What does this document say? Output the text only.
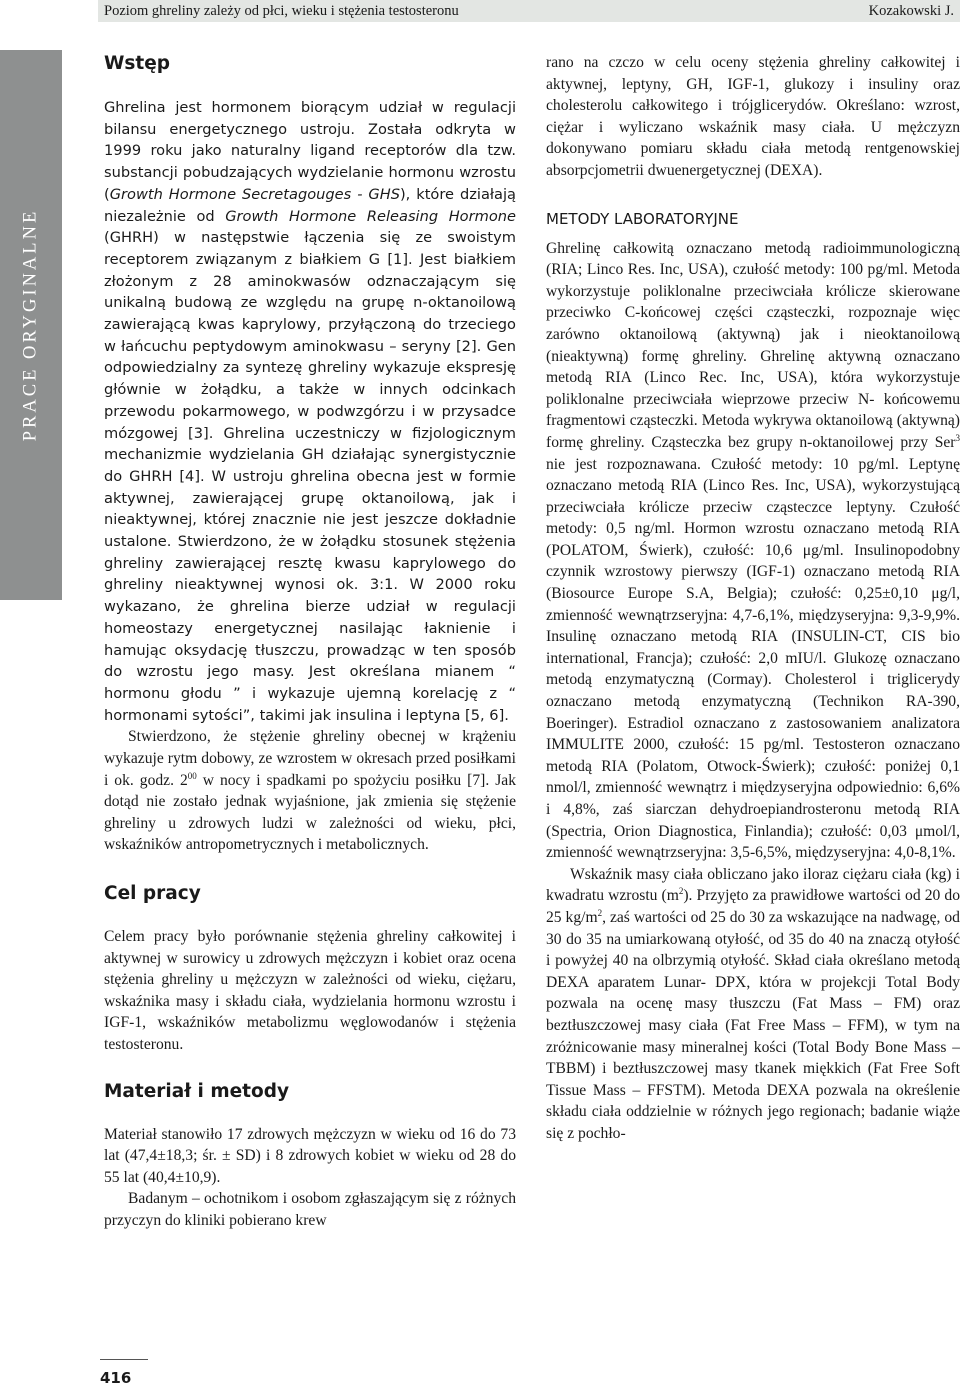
Poziom ghreliny zależy od płci, wieku i stężenia testosteronu	Kozakowski J.
PRACE ORYGINALNE
Wstęp

Ghrelina jest hormonem biorącym udział w regulacji bilansu energetycznego ustroju. Została odkryta w 1999 roku jako naturalny ligand receptorów dla tzw. substancji pobudzających wydzielanie hormonu wzrostu (Growth Hormone Secretagouges - GHS), które działają niezależnie od Growth Hormone Releasing Hormone (GHRH) w następstwie łączenia się ze swoistym receptorem związanym z białkiem G [1]. Jest białkiem złożonym z 28 aminokwasów odznaczającym się unikalną budową ze względu na grupę n-oktanoilową zawierającą kwas kaprylowy, przyłączoną do trzeciego w łańcuchu peptydowym aminokwasu – seryny [2]. Gen odpowiedzialny za syntezę ghreliny wykazuje ekspresję głównie w żołądku, a także w innych odcinkach przewodu pokarmowego, w podwzgórzu i w przysadce mózgowej [3]. Ghrelina uczestniczy w fizjologicznym mechanizmie wydzielania GH działając synergistycznie do GHRH [4]. W ustroju ghrelina obecna jest w formie aktywnej, zawierającej grupę oktanoilową, jak i nieaktywnej, której znacznie nie jest jeszcze dokładnie ustalone. Stwierdzono, że w żołądku stosunek stężenia ghreliny zawierającej resztę kwasu kaprylowego do ghreliny nieaktywnej wynosi ok. 3:1. W 2000 roku wykazano, że ghrelina bierze udział w regulacji homeostazy energetycznej nasilając łaknienie i hamując oksydację tłuszczu, prowadząc w ten sposób do wzrostu jego masy. Jest określana mianem “ hormonu głodu ” i wykazuje ujemną korelację z “ hormonami sytości”, takimi jak insulina i leptyna [5, 6].

Stwierdzono, że stężenie ghreliny obecnej w krążeniu wykazuje rytm dobowy, ze wzrostem w okresach przed posiłkami i ok. godz. $2^{00}$ w nocy i spadkami po spożyciu posiłku [7]. Jak dotąd nie zostało jednak wyjaśnione, jak zmienia się stężenie ghreliny u zdrowych ludzi w zależności od wieku, płci, wskaźników antropometrycznych i metabolicznych.

Cel pracy

Celem pracy było porównanie stężenia ghreliny całkowitej i aktywnej w surowicy u zdrowych mężczyzn i kobiet oraz ocena stężenia ghreliny u mężczyzn w zależności od wieku, ciężaru, wskaźnika masy i składu ciała, wydzielania hormonu wzrostu i IGF-1, wskaźników metabolizmu węglowodanów i stężenia testosteronu.

Materiał i metody

Materiał stanowiło 17 zdrowych mężczyzn w wieku od 16 do 73 lat (47,4±18,3; śr. ± SD) i 8 zdrowych kobiet w wieku od 28 do 55 lat (40,4±10,9).

Badanym – ochotnikom i osobom zgłaszającym się z różnych przyczyn do kliniki pobierano krew

rano na czczo w celu oceny stężenia ghreliny całkowitej i aktywnej, leptyny, GH, IGF-1, glukozy i insuliny oraz cholesterolu całkowitego i trójglicerydów. Określano: wzrost, ciężar i wyliczano wskaźnik masy ciała. U mężczyzn dokonywano pomiaru składu ciała metodą rentgenowskiej absorpcjometrii dwuenergetycznej (DEXA).

METODY LABORATORYJNE

Ghrelinę całkowitą oznaczano metodą radioimmunologiczną (RIA; Linco Res. Inc, USA), czułość metody: 100 pg/ml. Metoda wykorzystuje poliklonalne przeciwciała królicze skierowane przeciwko C-końcowej części cząsteczki, rozpoznaje więc zarówno oktanoilową (aktywną) jak i nieoktanoilową (nieaktywną) formę ghreliny. Ghrelinę aktywną oznaczano metodą RIA (Linco Rec. Inc, USA), która wykorzystuje poliklonalne przeciwciała wieprzowe przeciw N- końcowemu fragmentowi cząsteczki. Metoda wykrywa oktanoilową (aktywną) formę ghreliny. Cząsteczka bez grupy n-oktanoilowej przy Ser$^3$ nie jest rozpoznawana. Czułość metody: 10 pg/ml. Leptynę oznaczano metodą RIA (Linco Res. Inc, USA), wykorzystującą przeciwciała królicze przeciw cząsteczce leptyny. Czułość metody: 0,5 ng/ml. Hormon wzrostu oznaczano metodą RIA (POLATOM, Świerk), czułość: 10,6 μg/ml. Insulinopodobny czynnik wzrostowy pierwszy (IGF-1) oznaczano metodą RIA (Biosource Europe S.A, Belgia); czułość: 0,25±0,10 μg/l, zmienność wewnątrzseryjna: 4,7-6,1%, międzyseryjna: 9,3-9,9%. Insulinę oznaczano metodą RIA (INSULIN-CT, CIS bio international, Francja); czułość: 2,0 mIU/l. Glukozę oznaczano metodą enzymatyczną (Cormay). Cholesterol i triglicerydy oznaczano metodą enzymatyczną (Technikon RA-390, Boeringer). Estradiol oznaczano z zastosowaniem analizatora IMMULITE 2000, czułość: 15 pg/ml. Testosteron oznaczano metodą RIA (Polatom, Otwock-Świerk); czułość: poniżej 0,1 nmol/l, zmienność wewnątrz i międzyseryjna odpowiednio: 6,6% i 4,8%, zaś siarczan dehydroepiandrosteronu metodą RIA (Spectria, Orion Diagnostica, Finlandia); czułość: 0,03 μmol/l, zmienność wewnątrzseryjna: 3,5-6,5%, międzyseryjna: 4,0-8,1%.

Wskaźnik masy ciała obliczano jako iloraz ciężaru ciała (kg) i kwadratu wzrostu $(m^2)$. Przyjęto za prawidłowe wartości od 20 do 25 $kg/m^2$, zaś wartości od 25 do 30 za wskazujące na nadwagę, od 30 do 35 na umiarkowaną otyłość, od 35 do 40 na znaczą otyłość i powyżej 40 na olbrzymią otyłość. Skład ciała określano metodą DEXA aparatem Lunar- DPX, która w projekcji Total Body pozwala na ocenę masy tłuszczu (Fat Mass – FM) oraz beztłuszczowej masy ciała (Fat Free Mass – FFM), w tym na zróżnicowanie masy mineralnej kości (Total Body Bone Mass – TBBM) i beztłuszczowej masy tkanek miękkich (Fat Free Soft Tissue Mass – FFSTM). Metoda DEXA pozwala na określenie składu ciała oddzielnie w różnych jego regionach; badanie wiąże się z pochło-

416
